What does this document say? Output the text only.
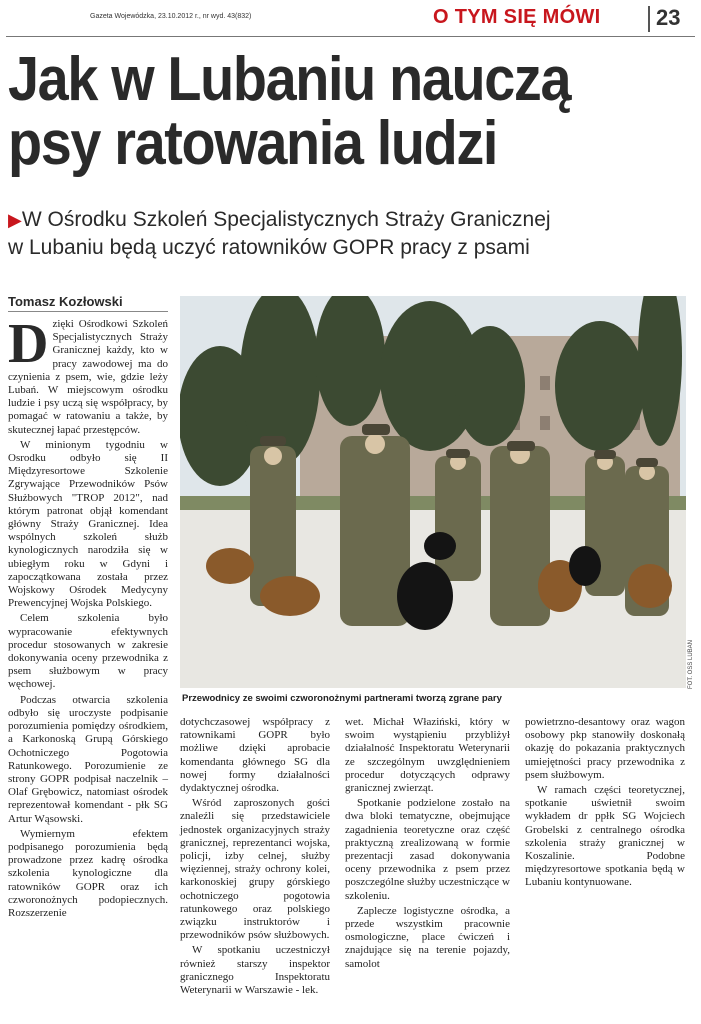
Gazeta Wojewódzka, 23.10.2012 r., nr wyd. 43(832)	O TYM SIĘ MÓWI	23
Jak w Lubaniu nauczą
psy ratowania ludzi
▶W Ośrodku Szkoleń Specjalistycznych Straży Granicznej
w Lubaniu będą uczyć ratowników GOPR pracy z psami
Tomasz Kozłowski
D zięki Ośrodkowi Szkoleń Specjalistycznych Straży Granicznej każdy, kto w pracy zawodowej ma do czynienia z psem, wie, gdzie leży Lubań. W miejscowym ośrodku ludzie i psy uczą się współpracy, by pomagać w ratowaniu a także, by skutecznej łapać przestępców.

W minionym tygodniu w Osrodku odbyło się II Międzyresortowe Szkolenie Zgrywające Przewodników Psów Służbowych "TROP 2012", nad którym patronat objął komendant główny Straży Granicznej. Idea wspólnych szkoleń służb kynologicznych narodziła się w ubiegłym roku w Gdyni i zapoczątkowana została przez Wojskowy Ośrodek Medycyny Prewencyjnej Wojska Polskiego.

Celem szkolenia było wypracowanie efektywnych procedur stosowanych w zakresie dokonywania oceny przewodnika z psem służbowym w pracy węchowej.

Podczas otwarcia szkolenia odbyło się uroczyste podpisanie porozumienia pomiędzy ośrodkiem, a Karkonoską Grupą Górskiego Ochotniczego Pogotowia Ratunkowego. Porozumienie ze strony GOPR podpisał naczelnik – Olaf Grębowicz, natomiast ośrodek reprezentował komendant - płk SG Artur Wąsowski.

Wymiernym efektem podpisanego porozumienia będą prowadzone przez kadrę ośrodka szkolenia kynologiczne dla ratowników GOPR oraz ich czworonożnych podopiecznych. Rozszerzenie

FOT. OSS LUBAŃ
Przewodnicy ze swoimi czworonożnymi partnerami tworzą zgrane pary

dotychczasowej współpracy z ratownikami GOPR było możliwe dzięki aprobacie komendanta głównego SG dla nowej formy działalności dydaktycznej ośrodka.

Wśród zaproszonych gości znaleźli się przedstawiciele jednostek organizacyjnych straży granicznej, reprezentanci wojska, policji, izby celnej, służby więziennej, straży ochrony kolei, karkonoskiej grupy górskiego ochotniczego pogotowia ratunkowego oraz polskiego związku instruktorów i przewodników psów służbowych.

W spotkaniu uczestniczył również starszy inspektor granicznego Inspektoratu Weterynarii w Warszawie - lek.

wet. Michał Właziński, który w swoim wystąpieniu przybliżył działalność Inspektoratu Weterynarii ze szczególnym uwzględnieniem procedur dotyczących odprawy granicznej zwierząt.

Spotkanie podzielone zostało na dwa bloki tematyczne, obejmujące zagadnienia teoretyczne oraz część praktyczną zrealizowaną w formie prezentacji zasad dokonywania oceny przewodnika z psem przez poszczególne służby uczestniczące w szkoleniu.

Zaplecze logistyczne ośrodka, a przede wszystkim pracownie osmologiczne, place ćwiczeń i znajdujące się na terenie pojazdy, samolot

powietrzno-desantowy oraz wagon osobowy pkp stanowiły doskonałą okazję do pokazania praktycznych umiejętności pracy przewodnika z psem służbowym.

W ramach części teoretycznej, spotkanie uświetnił swoim wykładem dr ppłk SG Wojciech Grobelski z centralnego ośrodka szkolenia straży granicznej w Koszalinie. Podobne międzyresortowe spotkania będą w Lubaniu kontynuowane.
